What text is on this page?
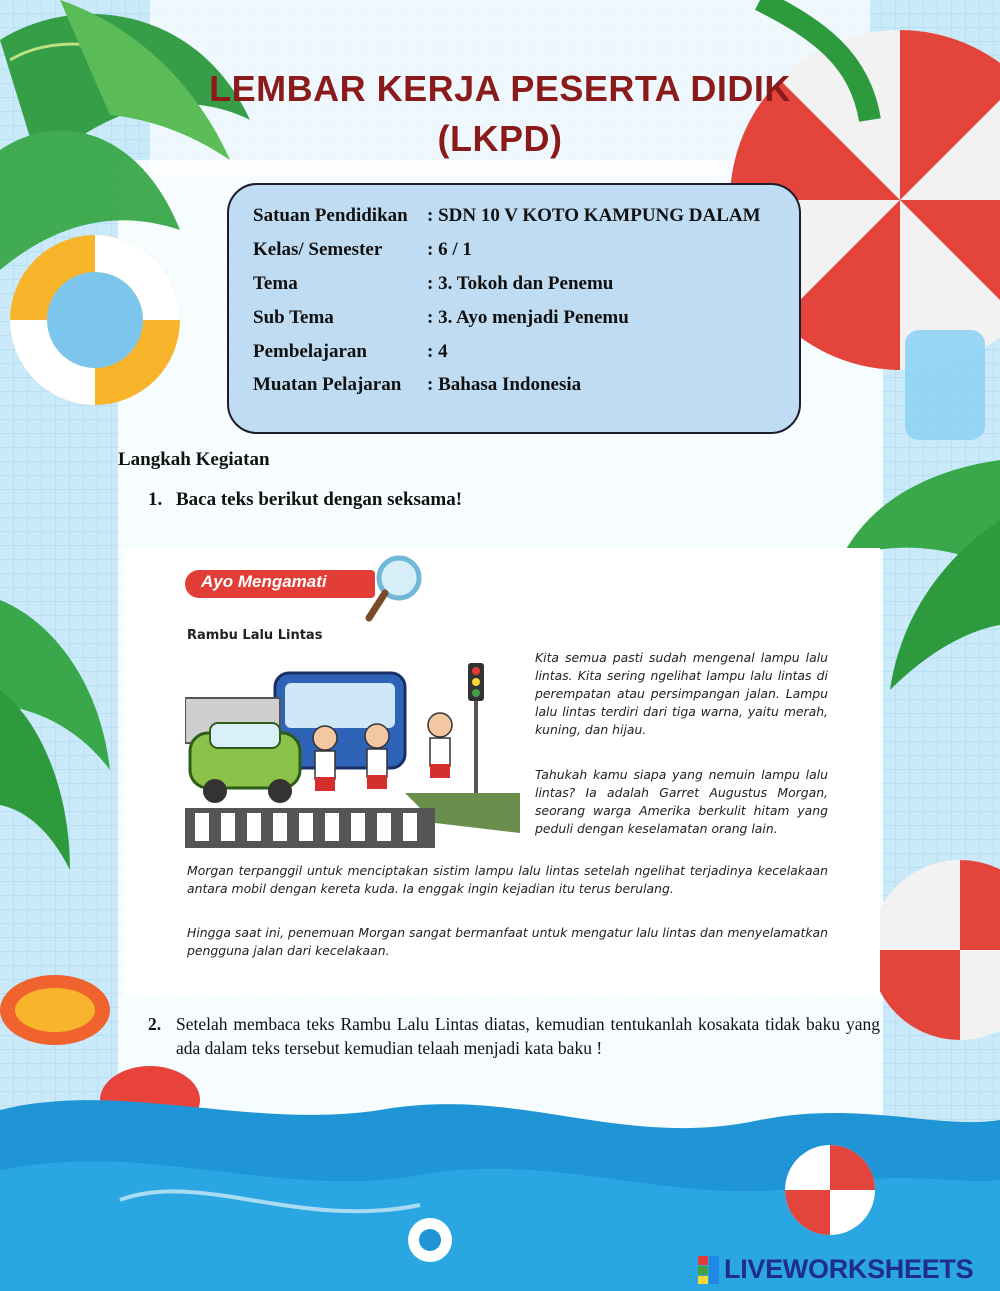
LEMBAR KERJA PESERTA DIDIK
(LKPD)
Satuan Pendidikan : SDN 10 V KOTO KAMPUNG DALAM
Kelas/ Semester : 6 / 1
Tema	: 3. Tokoh dan Penemu
Sub Tema	: 3. Ayo menjadi Penemu
Pembelajaran	: 4
Muatan Pelajaran : Bahasa Indonesia
Langkah Kegiatan
1. Baca teks berikut dengan seksama!
Ayo Mengamati
Rambu Lalu Lintas
Kita semua pasti sudah mengenal lampu lalu lintas. Kita sering ngelihat lampu lalu lintas di perempatan atau persimpangan jalan. Lampu lalu lintas terdiri dari tiga warna, yaitu merah, kuning, dan hijau.
Tahukah kamu siapa yang nemuin lampu lalu lintas? Ia adalah Garret Augustus Morgan, seorang warga Amerika berkulit hitam yang peduli dengan keselamatan orang lain.
Morgan terpanggil untuk menciptakan sistim lampu lalu lintas setelah ngelihat terjadinya kecelakaan antara mobil dengan kereta kuda. Ia enggak ingin kejadian itu terus berulang.
Hingga saat ini, penemuan Morgan sangat bermanfaat untuk mengatur lalu lintas dan menyelamatkan pengguna jalan dari kecelakaan.
2. Setelah membaca teks Rambu Lalu Lintas diatas, kemudian tentukanlah kosakata tidak baku yang ada dalam teks tersebut kemudian telaah menjadi kata baku !
LIVEWORKSHEETS
